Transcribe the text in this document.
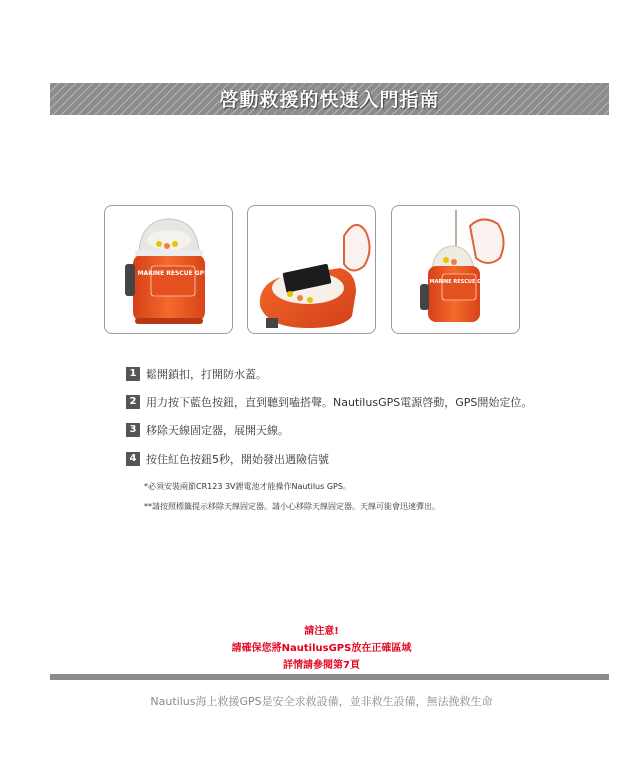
啓動救援的快速入門指南
MARINE RESCUE GPS
MARINE RESCUE GPS
1 鬆開鎖扣，打開防水蓋。
2 用力按下藍色按鈕，直到聽到嗑搭聲。NautilusGPS電源啓動，GPS開始定位。
3 移除天線固定器，展開天線。
4 按住紅色按鈕5秒，開始發出遇險信號
*必須安裝兩節CR123 3V鋰電池才能操作Nautilus GPS。
**請按照標籤提示移除天線固定器。請小心移除天線固定器。天線可能會迅速彈出。
請注意!
請確保您將NautilusGPS放在正確區域
詳情請參閱第7頁
Nautilus海上救援GPS是安全求救設備，並非救生設備，無法挽救生命
